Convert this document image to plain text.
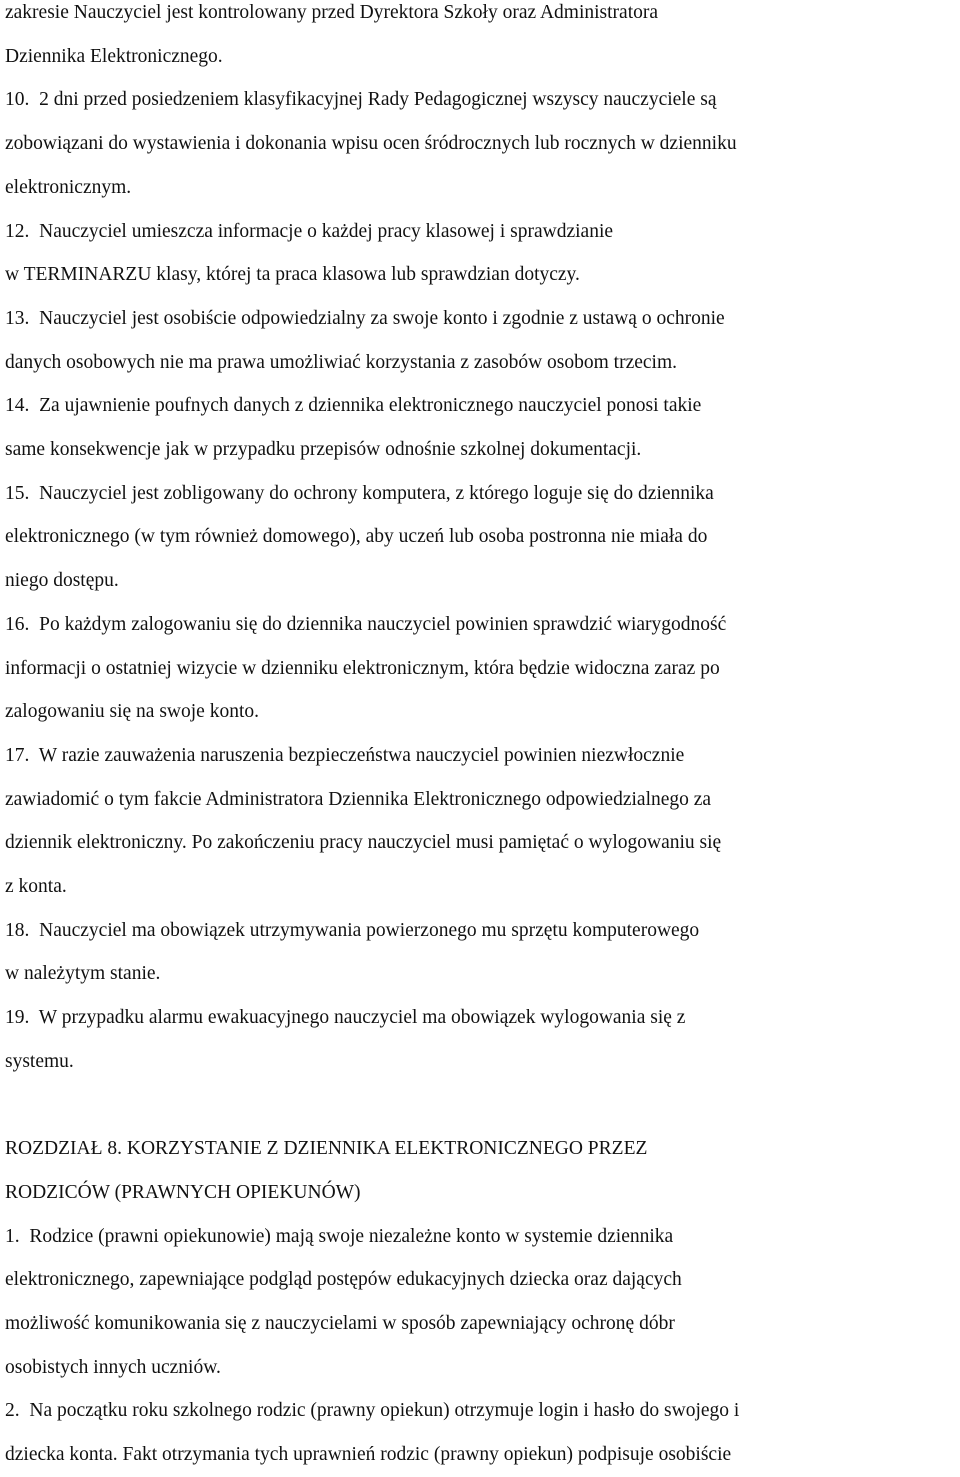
zakresie Nauczyciel jest kontrolowany przed Dyrektora Szkoły oraz Administratora

Dziennika Elektronicznego.

10.  2 dni przed posiedzeniem klasyfikacyjnej Rady Pedagogicznej wszyscy nauczyciele są

zobowiązani do wystawienia i dokonania wpisu ocen śródrocznych lub rocznych w dzienniku

elektronicznym.

12.  Nauczyciel umieszcza informacje o każdej pracy klasowej i sprawdzianie

w TERMINARZU klasy, której ta praca klasowa lub sprawdzian dotyczy.

13.  Nauczyciel jest osobiście odpowiedzialny za swoje konto i zgodnie z ustawą o ochronie

danych osobowych nie ma prawa umożliwiać korzystania z zasobów osobom trzecim.

14.  Za ujawnienie poufnych danych z dziennika elektronicznego nauczyciel ponosi takie

same konsekwencje jak w przypadku przepisów odnośnie szkolnej dokumentacji.

15.  Nauczyciel jest zobligowany do ochrony komputera, z którego loguje się do dziennika

elektronicznego (w tym również domowego), aby uczeń lub osoba postronna nie miała do

niego dostępu.

16.  Po każdym zalogowaniu się do dziennika nauczyciel powinien sprawdzić wiarygodność

informacji o ostatniej wizycie w dzienniku elektronicznym, która będzie widoczna zaraz po

zalogowaniu się na swoje konto.

17.  W razie zauważenia naruszenia bezpieczeństwa nauczyciel powinien niezwłocznie

zawiadomić o tym fakcie Administratora Dziennika Elektronicznego odpowiedzialnego za

dziennik elektroniczny. Po zakończeniu pracy nauczyciel musi pamiętać o wylogowaniu się

z konta.

18.  Nauczyciel ma obowiązek utrzymywania powierzonego mu sprzętu komputerowego

w należytym stanie.

19.  W przypadku alarmu ewakuacyjnego nauczyciel ma obowiązek wylogowania się z

systemu.

ROZDZIAŁ 8. KORZYSTANIE Z DZIENNIKA ELEKTRONICZNEGO PRZEZ

RODZICÓW (PRAWNYCH OPIEKUNÓW)

1.  Rodzice (prawni opiekunowie) mają swoje niezależne konto w systemie dziennika

elektronicznego, zapewniające podgląd postępów edukacyjnych dziecka oraz dających

możliwość komunikowania się z nauczycielami w sposób zapewniający ochronę dóbr

osobistych innych uczniów.

2.  Na początku roku szkolnego rodzic (prawny opiekun) otrzymuje login i hasło do swojego i

dziecka konta. Fakt otrzymania tych uprawnień rodzic (prawny opiekun) podpisuje osobiście
